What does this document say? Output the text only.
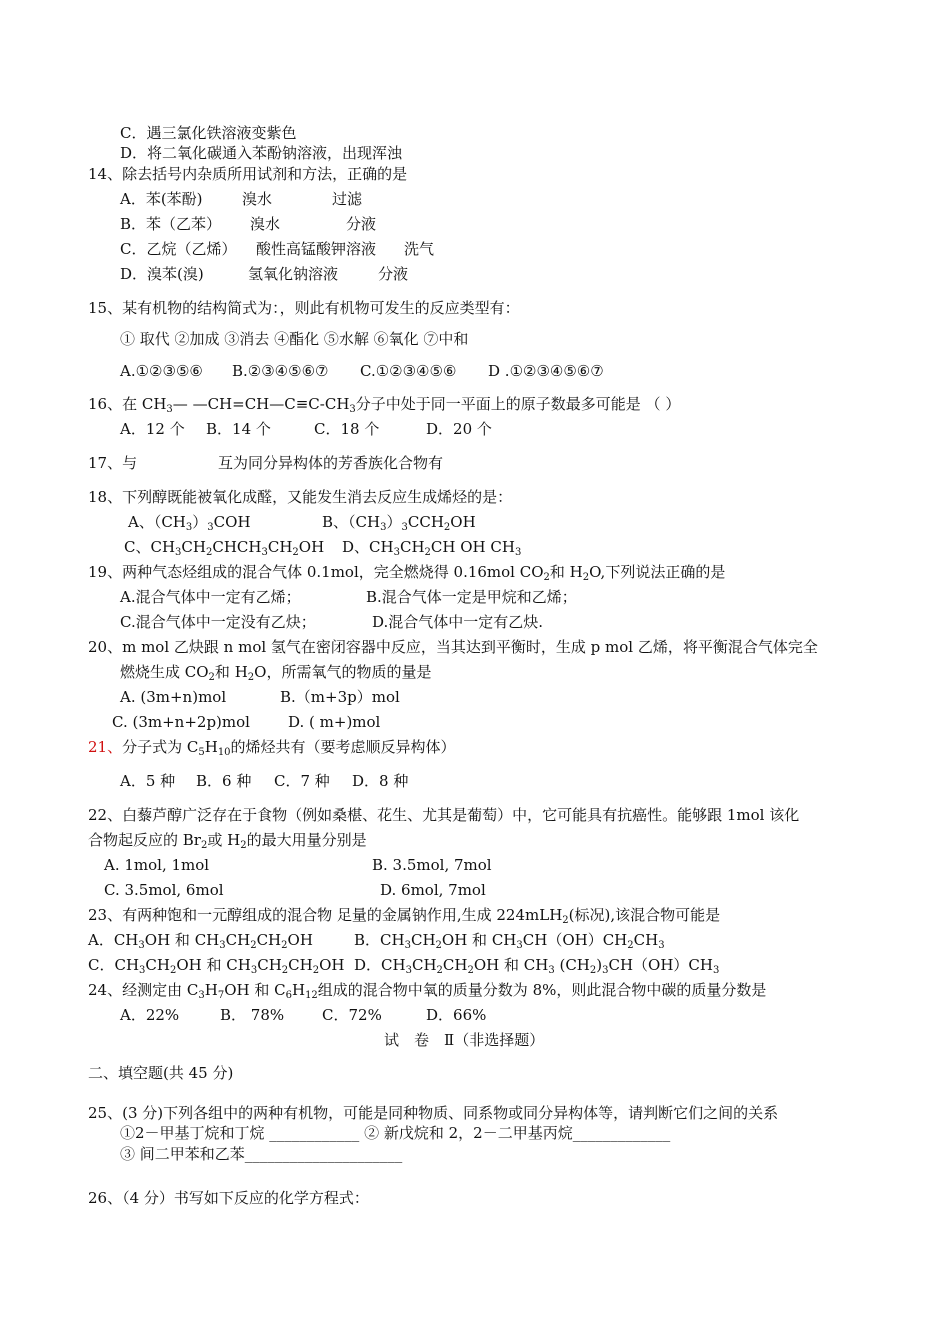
C．遇三氯化铁溶液变紫色
D．将二氧化碳通入苯酚钠溶液，出现浑浊
14、除去括号内杂质所用试剂和方法，正确的是
A．苯(苯酚)	溴水	过滤
B．苯（乙苯） 溴水	分液
C．乙烷（乙烯） 酸性高锰酸钾溶液 洗气
D．溴苯(溴)	氢氧化钠溶液	分液
15、某有机物的结构简式为：，则此有机物可发生的反应类型有：
① 取代 ②加成 ③消去 ④酯化 ⑤水解 ⑥氧化 ⑦中和
A.①②③⑤⑥ B.②③④⑤⑥⑦ C.①②③④⑤⑥ D .①②③④⑤⑥⑦
16、在 $CH_3—$ $—CH=CH—C\equiv C-CH_3$分子中处于同一平面上的原子数最多可能是 （ ）
A．12 个 B．14 个	C．18 个	D．20 个
17、与	互为同分异构体的芳香族化合物有
18、下列醇既能被氧化成醛，又能发生消去反应生成烯烃的是：
A、$(CH_3)_3COH$	B、$(CH_3)_3CCH_2OH$
C、$CH_3CH_2CHCH_3CH_2OH$ D、$CH_3CH_2CH$ OH $CH_3$
19、两种气态烃组成的混合气体 0.1mol，完全燃烧得 0.16mol $CO_2$和 $H_2O$,下列说法正确的是
A.混合气体中一定有乙烯；	B.混合气体一定是甲烷和乙烯；
C.混合气体中一定没有乙炔；	D.混合气体中一定有乙炔.
20、m mol 乙炔跟 n mol 氢气在密闭容器中反应，当其达到平衡时，生成 p mol 乙烯，将平衡混合气体完全
燃烧生成 $CO_2$和 $H_2O$，所需氧气的物质的量是
A. (3m+n)mol	B.（m+3p）mol
C. (3m+n+2p)mol	D. ( m+)mol
21、分子式为 $C_5H_{10}$的烯烃共有（要考虑顺反异构体）
A．5 种 B．6 种 C．7 种 D．8 种
22、白藜芦醇广泛存在于食物（例如桑椹、花生、尤其是葡萄）中，它可能具有抗癌性。能够跟 1mol 该化
合物起反应的 $Br_2$或 $H_2$的最大用量分别是
A. 1mol, 1mol	B. 3.5mol, 7mol
C. 3.5mol, 6mol	D. 6mol, 7mol
23、有两种饱和一元醇组成的混合物 足量的金属钠作用,生成 224mLH$_2$(标况),该混合物可能是
A．$CH_3OH$ 和 $CH_3CH_2CH_2OH$	B．$CH_3CH_2OH$ 和 $CH_3CH(OH)CH_2CH_3$
C．$CH_3CH_2OH$ 和 $CH_3CH_2CH_2OH$ D．$CH_3CH_2CH_2OH$ 和 $CH_3$ $(CH_2)_3CH(OH)CH_3$
24、经测定由 $C_3H_7OH$ 和 $C_6H_{12}$组成的混合物中氧的质量分数为 8%，则此混合物中碳的质量分数是
A．22%	B． 78%	C．72%	D．66%
试　卷　Ⅱ（非选择题）
二、填空题(共 45 分)
25、(3 分)下列各组中的两种有机物，可能是同种物质、同系物或同分异构体等，请判断它们之间的关系
①2－甲基丁烷和丁烷 ____________ ② 新戊烷和 2，2－二甲基丙烷_____________
③ 间二甲苯和乙苯_____________________
26、（4 分）书写如下反应的化学方程式：
